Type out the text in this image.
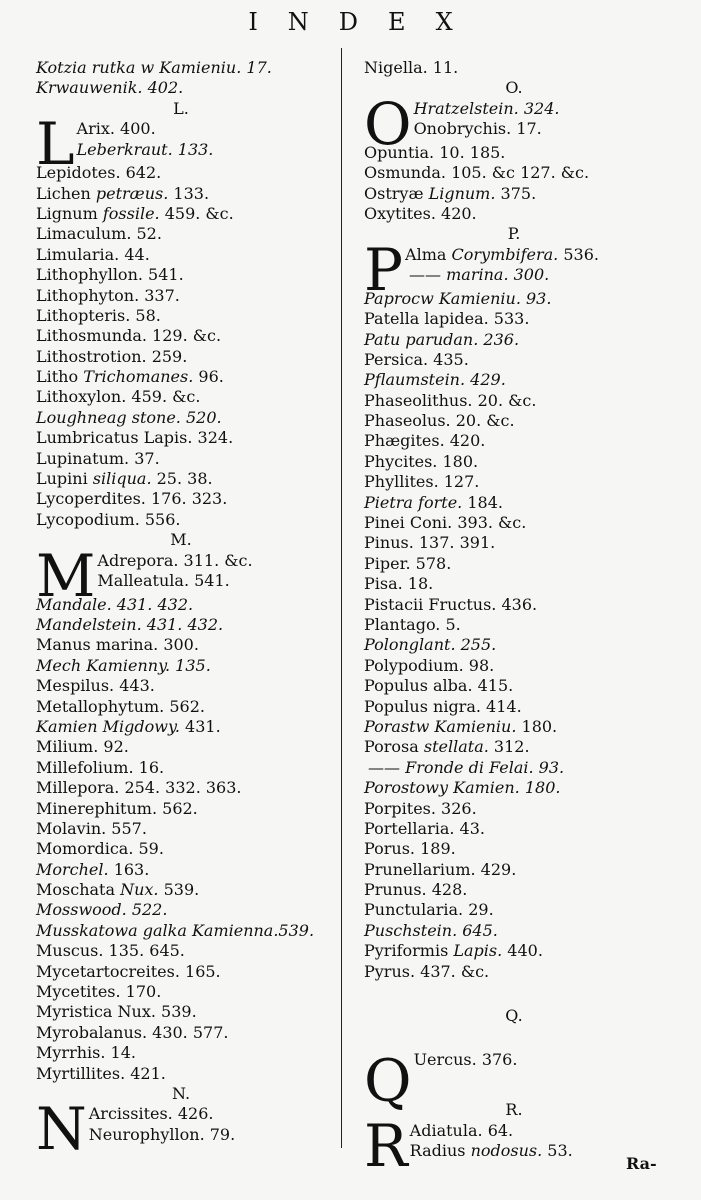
INDEX
Kotzia rutka w Kamieniu. 17.
Krwauwenik. 402.
L.
L Arix. 400.
Leberkraut. 133.
Lepidotes. 642.
Lichen petræus. 133.
Lignum fossile. 459. &c.
Limaculum. 52.
Limularia. 44.
Lithophyllon. 541.
Lithophyton. 337.
Lithopteris. 58.
Lithosmunda. 129. &c.
Lithostrotion. 259.
Litho Trichomanes. 96.
Lithoxylon. 459. &c.
Loughneag stone. 520.
Lumbricatus Lapis. 324.
Lupinatum. 37.
Lupini siliqua. 25. 38.
Lycoperdites. 176. 323.
Lycopodium. 556.
M.
M Adrepora. 311. &c.
Malleatula. 541.
Mandale. 431. 432.
Mandelstein. 431. 432.
Manus marina. 300.
Mech Kamienny. 135.
Mespilus. 443.
Metallophytum. 562.
Kamien Migdowy. 431.
Milium. 92.
Millefolium. 16.
Millepora. 254. 332. 363.
Minerephitum. 562.
Molavin. 557.
Momordica. 59.
Morchel. 163.
Moschata Nux. 539.
Mosswood. 522.
Musskatowa galka Kamienna.539.
Muscus. 135. 645.
Mycetartocreites. 165.
Mycetites. 170.
Myristica Nux. 539.
Myrobalanus. 430. 577.
Myrrhis. 14.
Myrtillites. 421.
N.
N Arcissites. 426.
Neurophyllon. 79.
Nigella. 11.
O.
O Hratzelstein. 324.
Onobrychis. 17.
Opuntia. 10. 185.
Osmunda. 105. &c 127. &c.
Ostryæ Lignum. 375.
Oxytites. 420.
P.
P Alma Corymbifera. 536.
—— marina. 300.
Paprocw Kamieniu. 93.
Patella lapidea. 533.
Patu parudan. 236.
Persica. 435.
Pflaumstein. 429.
Phaseolithus. 20. &c.
Phaseolus. 20. &c.
Phægites. 420.
Phycites. 180.
Phyllites. 127.
Pietra forte. 184.
Pinei Coni. 393. &c.
Pinus. 137. 391.
Piper. 578.
Pisa. 18.
Pistacii Fructus. 436.
Plantago. 5.
Polonglant. 255.
Polypodium. 98.
Populus alba. 415.
Populus nigra. 414.
Porastw Kamieniu. 180.
Porosa stellata. 312.
—— Fronde di Felai. 93.
Porostowy Kamien. 180.
Porpites. 326.
Portellaria. 43.
Porus. 189.
Prunellarium. 429.
Prunus. 428.
Punctularia. 29.
Puschstein. 645.
Pyriformis Lapis. 440.
Pyrus. 437. &c.
Q.
Q Uercus. 376.
R.
R Adiatula. 64.
Radius nodosus. 53.
Ra-
